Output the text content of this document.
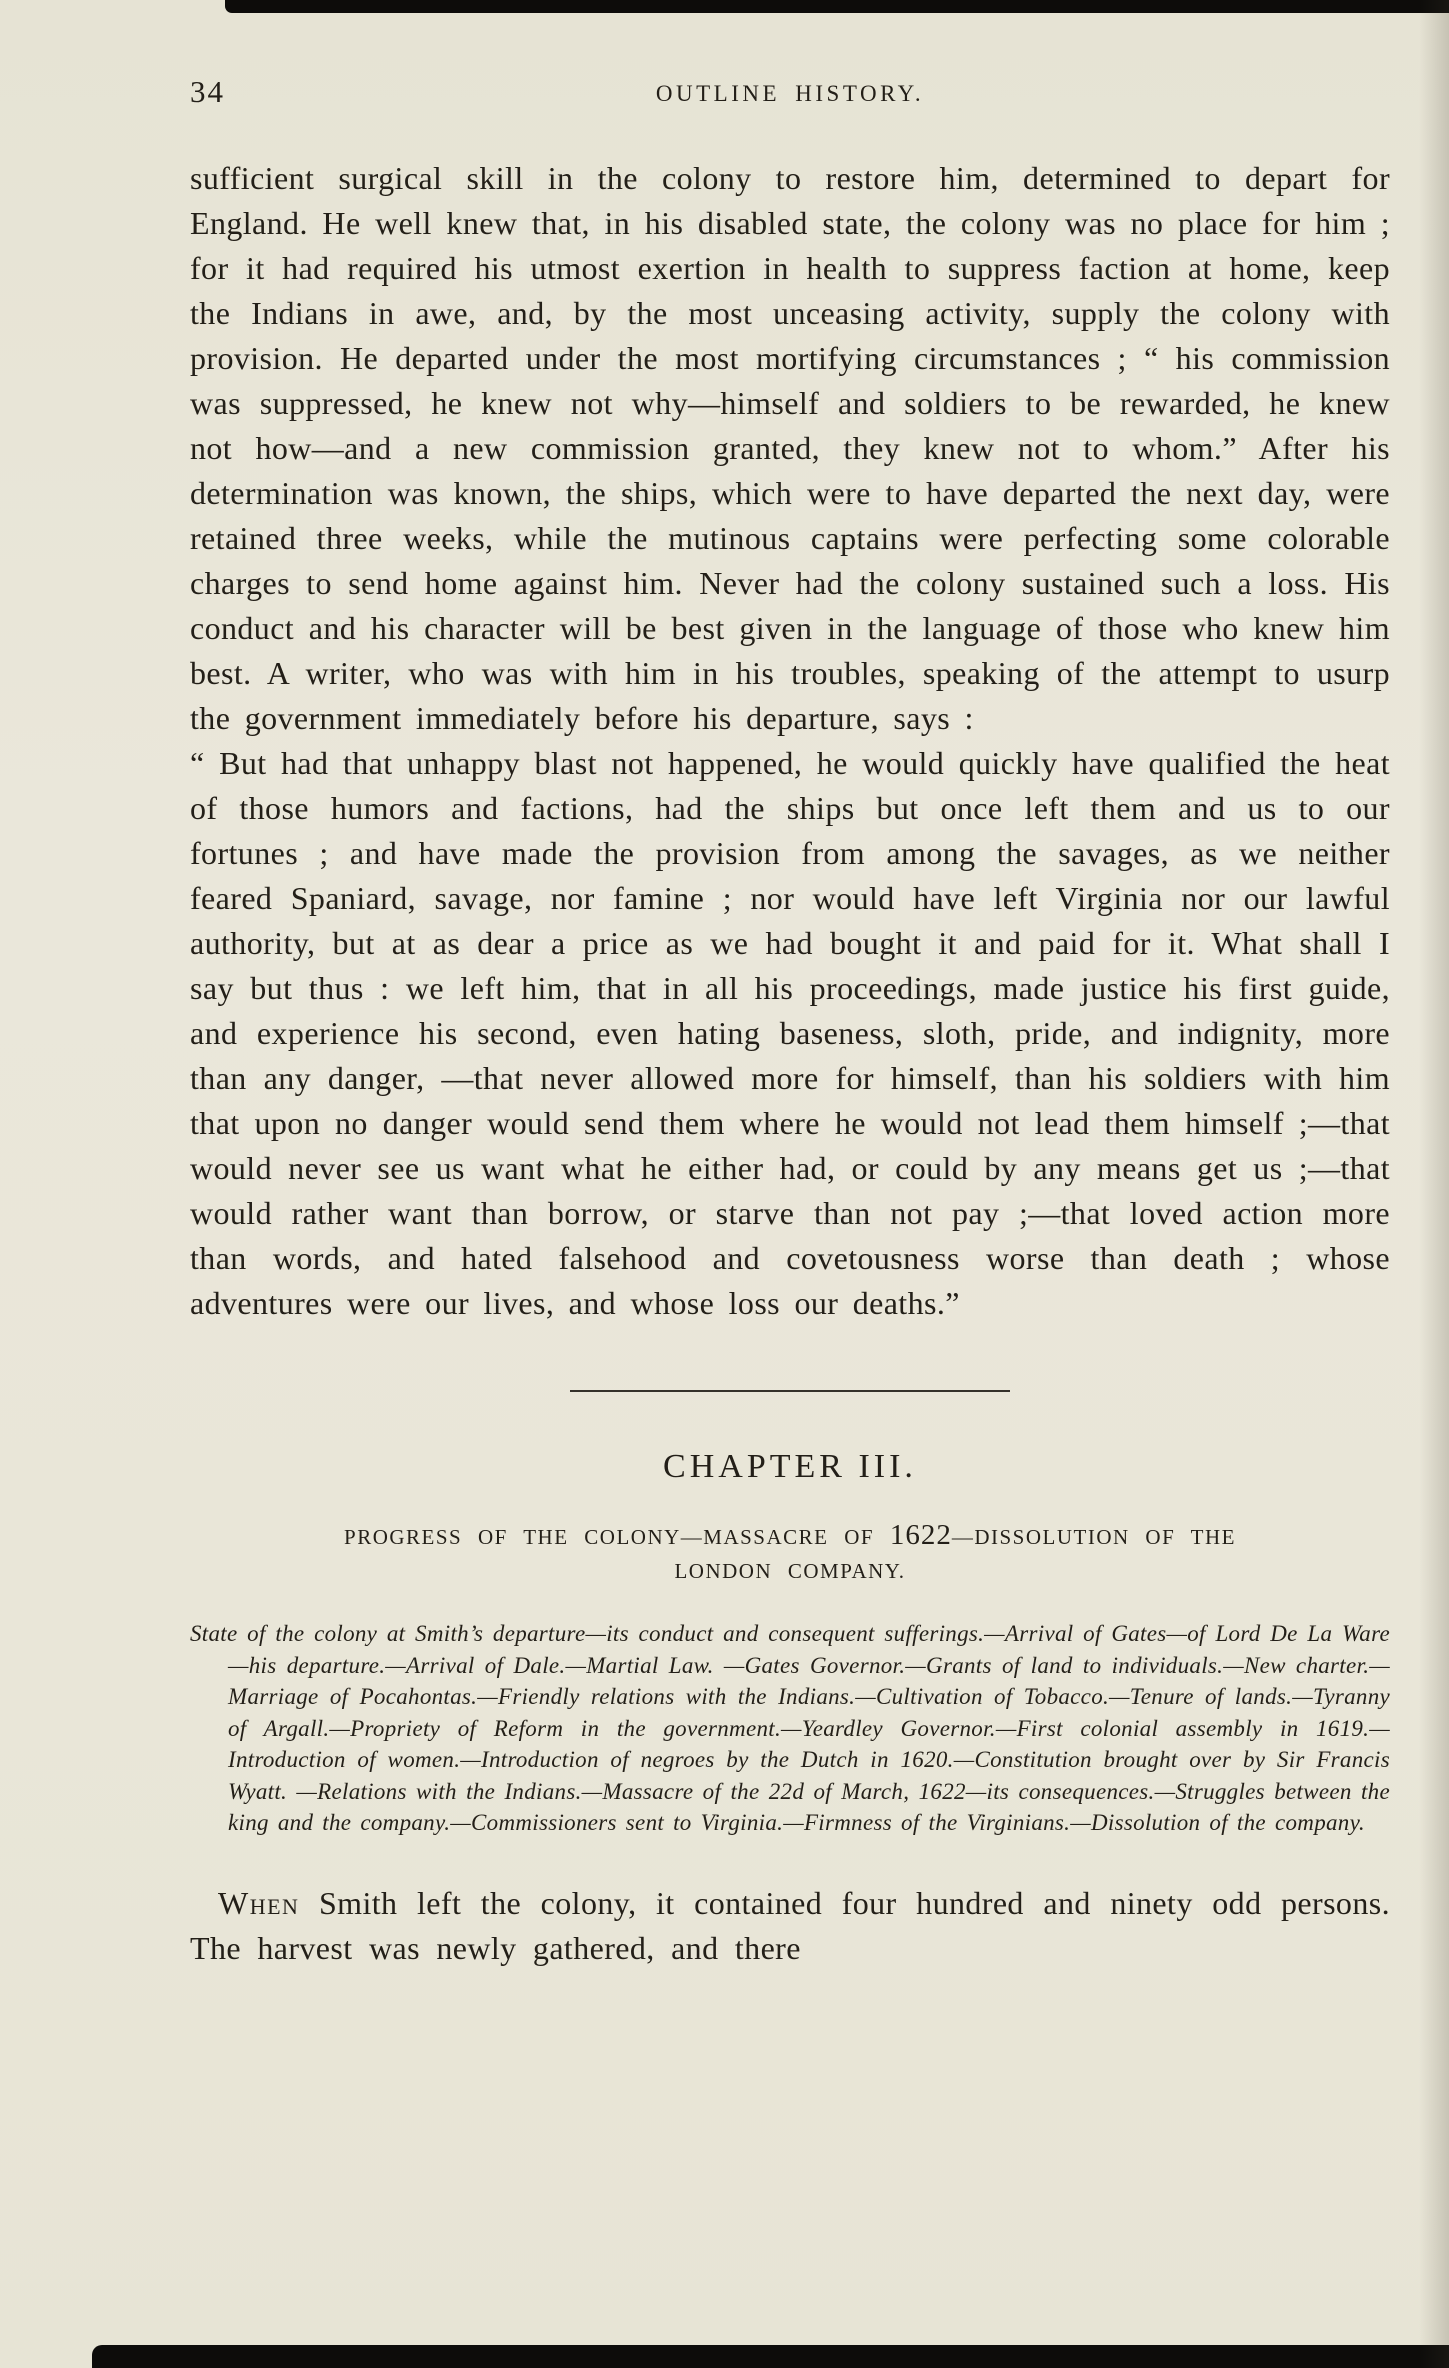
34	OUTLINE HISTORY.

sufficient surgical skill in the colony to restore him, determined to depart for England. He well knew that, in his disabled state, the colony was no place for him ; for it had required his utmost exertion in health to suppress faction at home, keep the Indians in awe, and, by the most unceasing activity, supply the colony with provision. He departed under the most mortifying circumstances ; “ his commission was suppressed, he knew not why—himself and soldiers to be rewarded, he knew not how—and a new commission granted, they knew not to whom.” After his determination was known, the ships, which were to have departed the next day, were retained three weeks, while the mutinous captains were perfecting some colorable charges to send home against him. Never had the colony sustained such a loss. His conduct and his character will be best given in the language of those who knew him best. A writer, who was with him in his troubles, speaking of the attempt to usurp the government immediately before his departure, says :

“ But had that unhappy blast not happened, he would quickly have qualified the heat of those humors and factions, had the ships but once left them and us to our fortunes ; and have made the provision from among the savages, as we neither feared Spaniard, savage, nor famine ; nor would have left Virginia nor our lawful authority, but at as dear a price as we had bought it and paid for it. What shall I say but thus : we left him, that in all his proceedings, made justice his first guide, and experience his second, even hating baseness, sloth, pride, and indignity, more than any danger, —that never allowed more for himself, than his soldiers with him that upon no danger would send them where he would not lead them himself ;—that would never see us want what he either had, or could by any means get us ;—that would rather want than borrow, or starve than not pay ;—that loved action more than words, and hated falsehood and covetousness worse than death ; whose adventures were our lives, and whose loss our deaths.”

CHAPTER III.
PROGRESS OF THE COLONY—MASSACRE OF 1622—DISSOLUTION OF THE
LONDON COMPANY.

State of the colony at Smith’s departure—its conduct and consequent sufferings.—Arrival of Gates—of Lord De La Ware—his departure.—Arrival of Dale.—Martial Law. —Gates Governor.—Grants of land to individuals.—New charter.—Marriage of Pocahontas.—Friendly relations with the Indians.—Cultivation of Tobacco.—Tenure of lands.—Tyranny of Argall.—Propriety of Reform in the government.—Yeardley Governor.—First colonial assembly in 1619.—Introduction of women.—Introduction of negroes by the Dutch in 1620.—Constitution brought over by Sir Francis Wyatt. —Relations with the Indians.—Massacre of the 22d of March, 1622—its consequences.—Struggles between the king and the company.—Commissioners sent to Virginia.—Firmness of the Virginians.—Dissolution of the company.

When Smith left the colony, it contained four hundred and ninety odd persons. The harvest was newly gathered, and there
